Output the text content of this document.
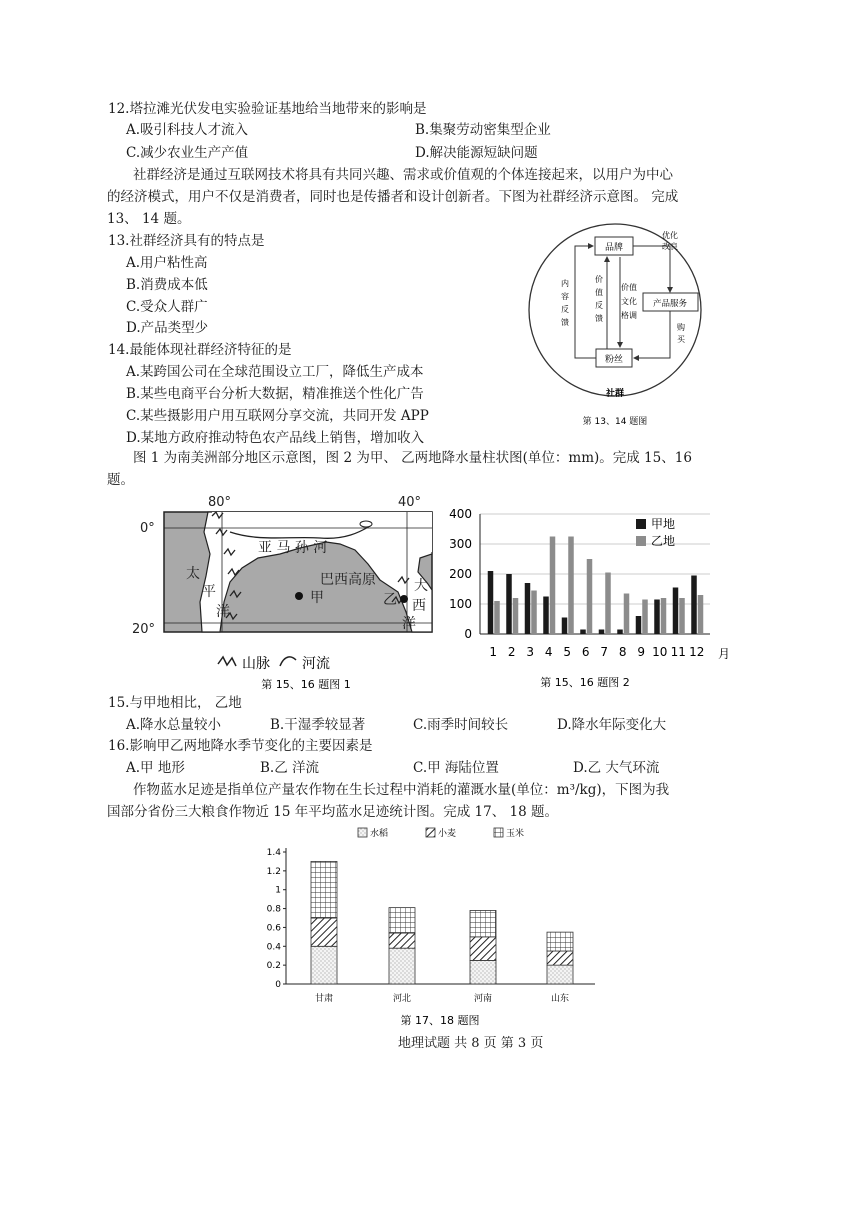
12.塔拉滩光伏发电实验验证基地给当地带来的影响是
A.吸引科技人才流入	B.集聚劳动密集型企业
C.减少农业生产产值	D.解决能源短缺问题
社群经济是通过互联网技术将具有共同兴趣、需求或价值观的个体连接起来，以用户为中心
的经济模式，用户不仅是消费者，同时也是传播者和设计创新者。下图为社群经济示意图。 完成
13、 14 题。
13.社群经济具有的特点是
A.用户粘性高
B.消费成本低
C.受众人群广
D.产品类型少
14.最能体现社群经济特征的是
A.某跨国公司在全球范围设立工厂，降低生产成本
B.某些电商平台分析大数据，精准推送个性化广告
C.某些摄影用户用互联网分享交流，共同开发 APP
D.某地方政府推动特色农产品线上销售，增加收入
品牌
优化
改良
产品服务
粉丝
社群
内
容
反
馈
价
值
反
馈
价值
文化
格调
购
买
第 13、14 题图
图 1 为南美洲部分地区示意图，图 2 为甲、 乙两地降水量柱状图(单位：mm)。完成 15、16
题。
80°	40°
0°
20°
亚 马 孙 河
巴西高原
甲	乙
太
平
洋
大
西
洋
山脉 河流
第 15、16 题图 1
0
100
200
300
400
1 2 3 4 5 6 7 8 9 10 11 12 月
甲地
乙地
第 15、16 题图 2
15.与甲地相比， 乙地
A.降水总量较小	B.干湿季较显著	C.雨季时间较长	D.降水年际变化大
16.影响甲乙两地降水季节变化的主要因素是
A.甲 地形	B.乙 洋流	C.甲 海陆位置	D.乙 大气环流
作物蓝水足迹是指单位产量农作物在生长过程中消耗的灌溉水量(单位：m³/kg)，下图为我
国部分省份三大粮食作物近 15 年平均蓝水足迹统计图。完成 17、 18 题。
水稻	小麦	玉米
0
0.2
0.4
0.6
0.8
1
1.2
1.4
甘肃	河北	河南	山东
第 17、18 题图
地理试题 共 8 页 第 3 页
